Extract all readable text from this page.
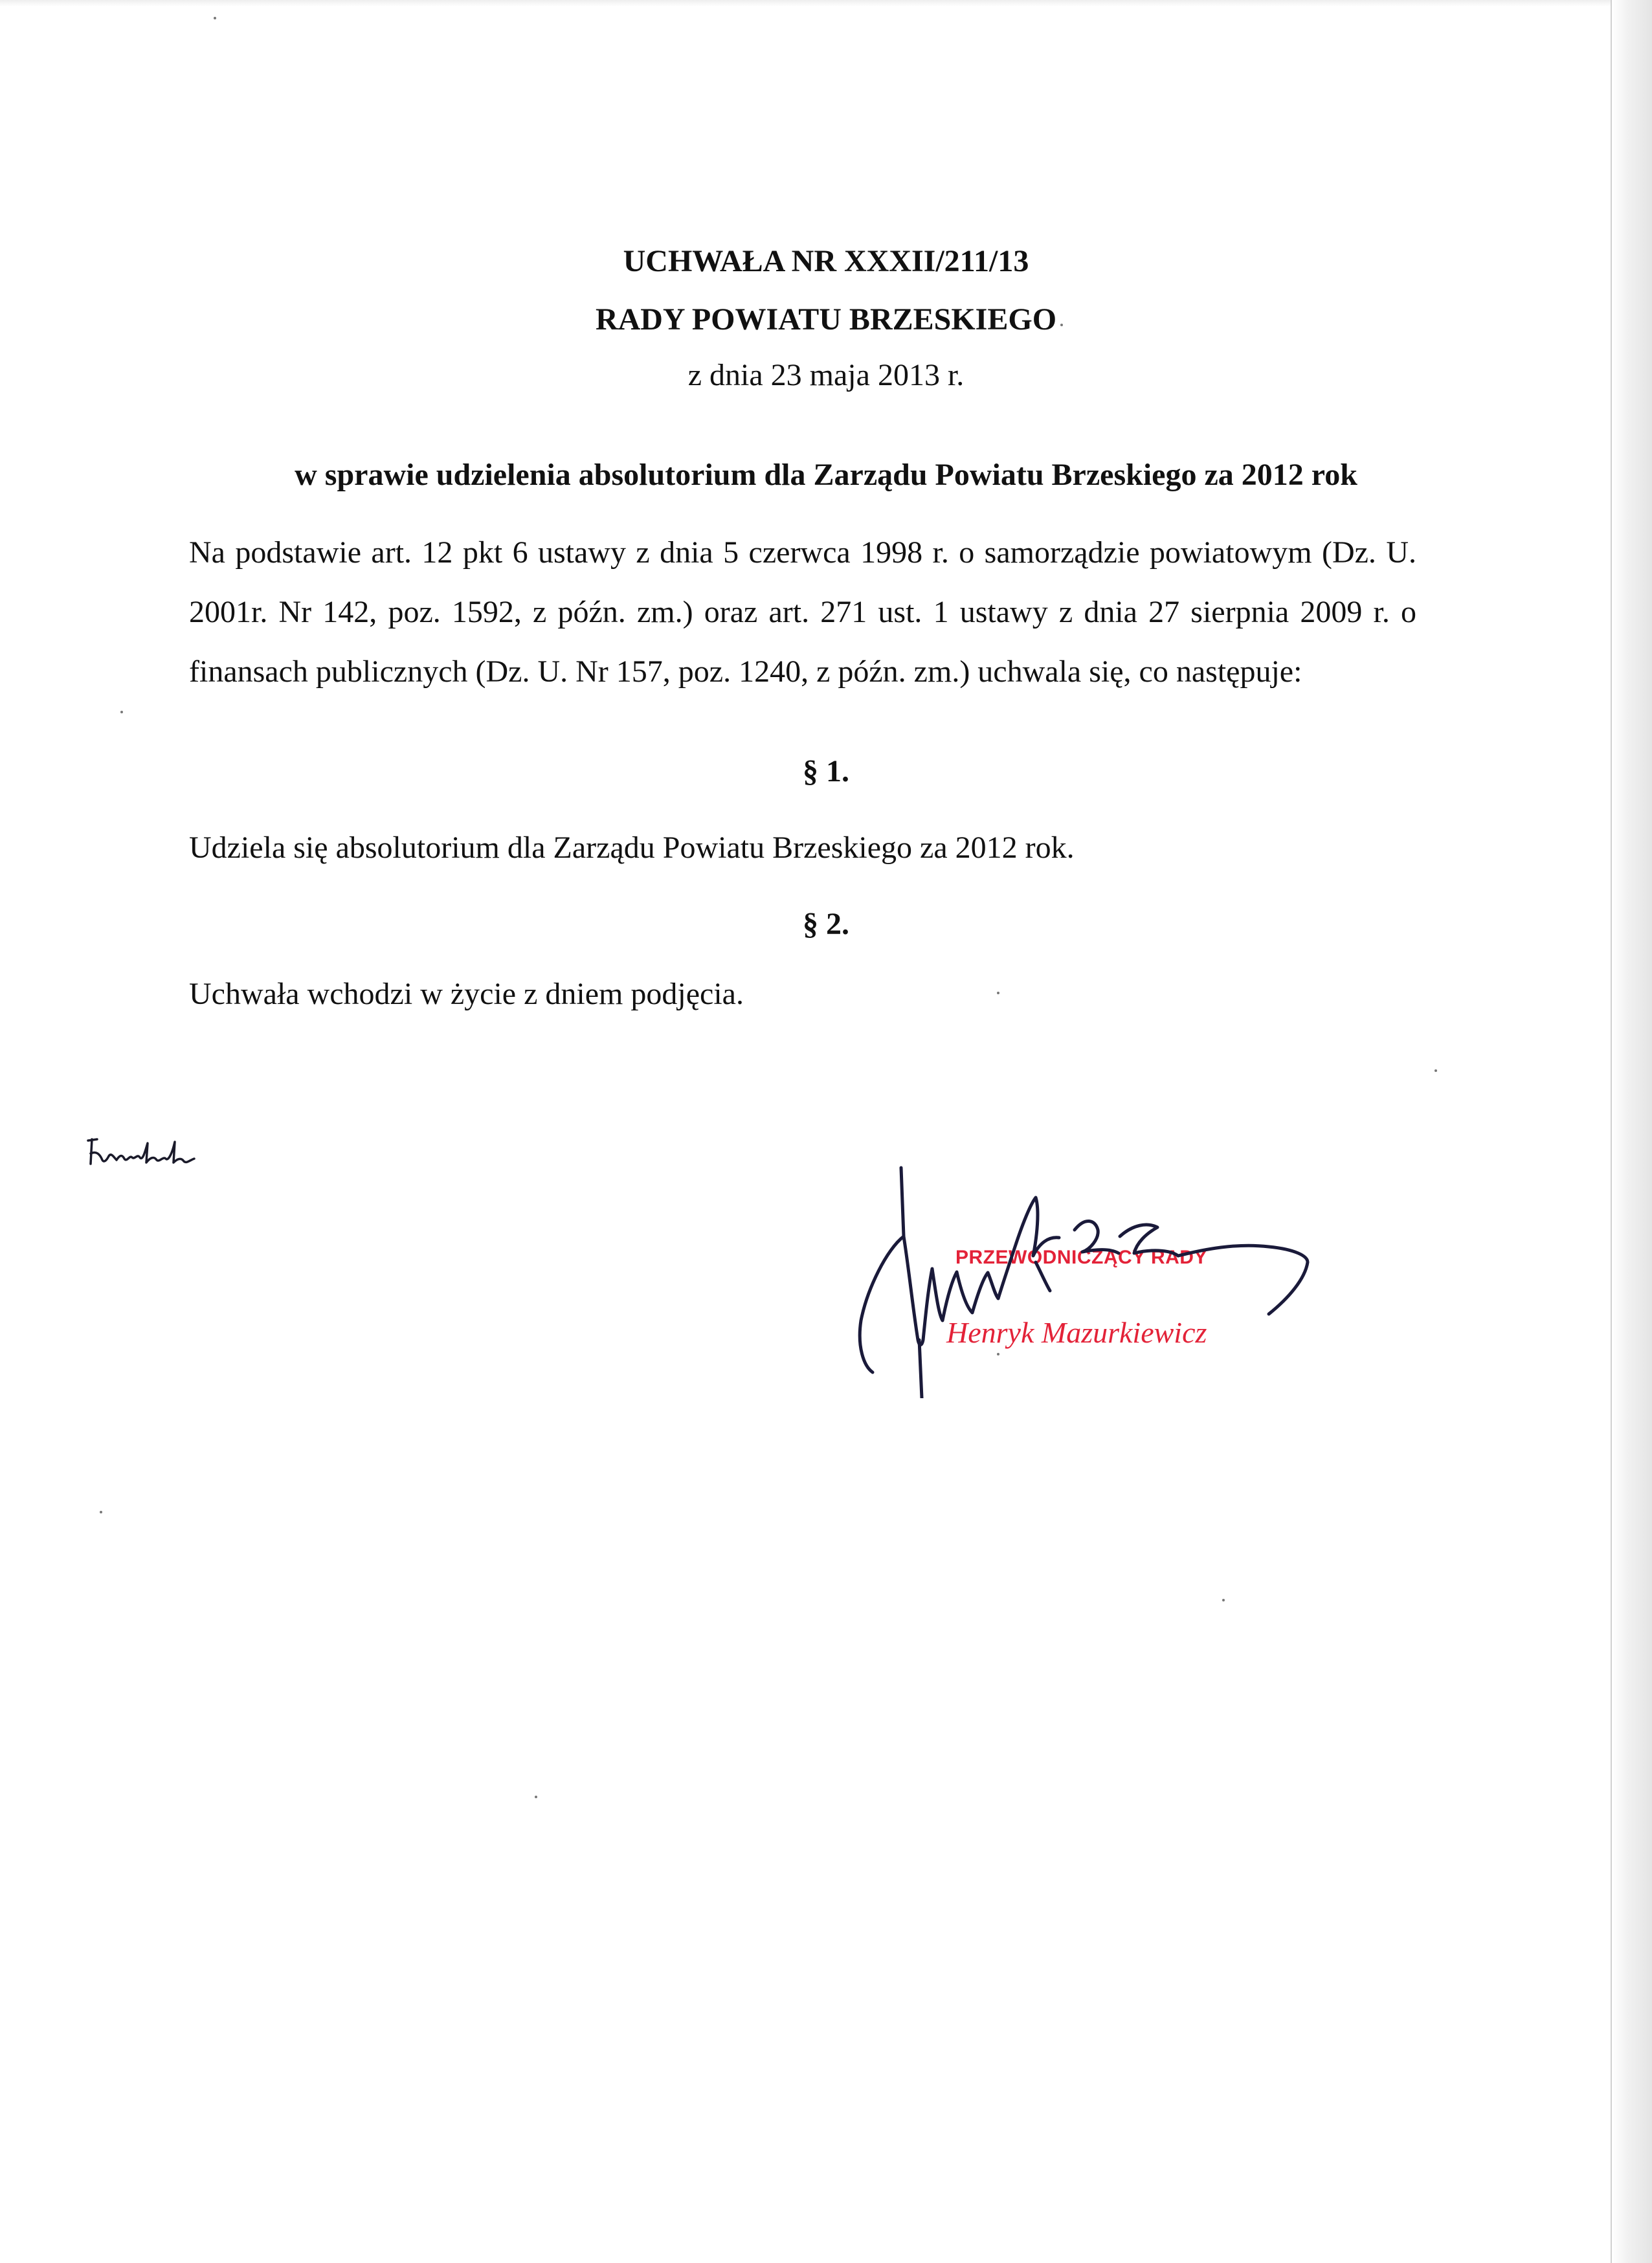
UCHWAŁA NR XXXII/211/13
RADY POWIATU BRZESKIEGO
z dnia 23 maja 2013 r.
w sprawie udzielenia absolutorium dla Zarządu Powiatu Brzeskiego za 2012 rok
Na podstawie art. 12 pkt 6 ustawy z dnia 5 czerwca 1998 r. o samorządzie powiatowym (Dz. U. 2001r. Nr 142, poz. 1592, z późn. zm.) oraz art. 271 ust. 1 ustawy z dnia 27 sierpnia 2009 r. o finansach publicznych (Dz. U. Nr 157, poz. 1240, z późn. zm.) uchwala się, co następuje:
§ 1.
Udziela się absolutorium dla Zarządu Powiatu Brzeskiego za 2012 rok.
§ 2.
Uchwała wchodzi w życie z dniem podjęcia.
PRZEWODNICZĄCY RADY
Henryk Mazurkiewicz
